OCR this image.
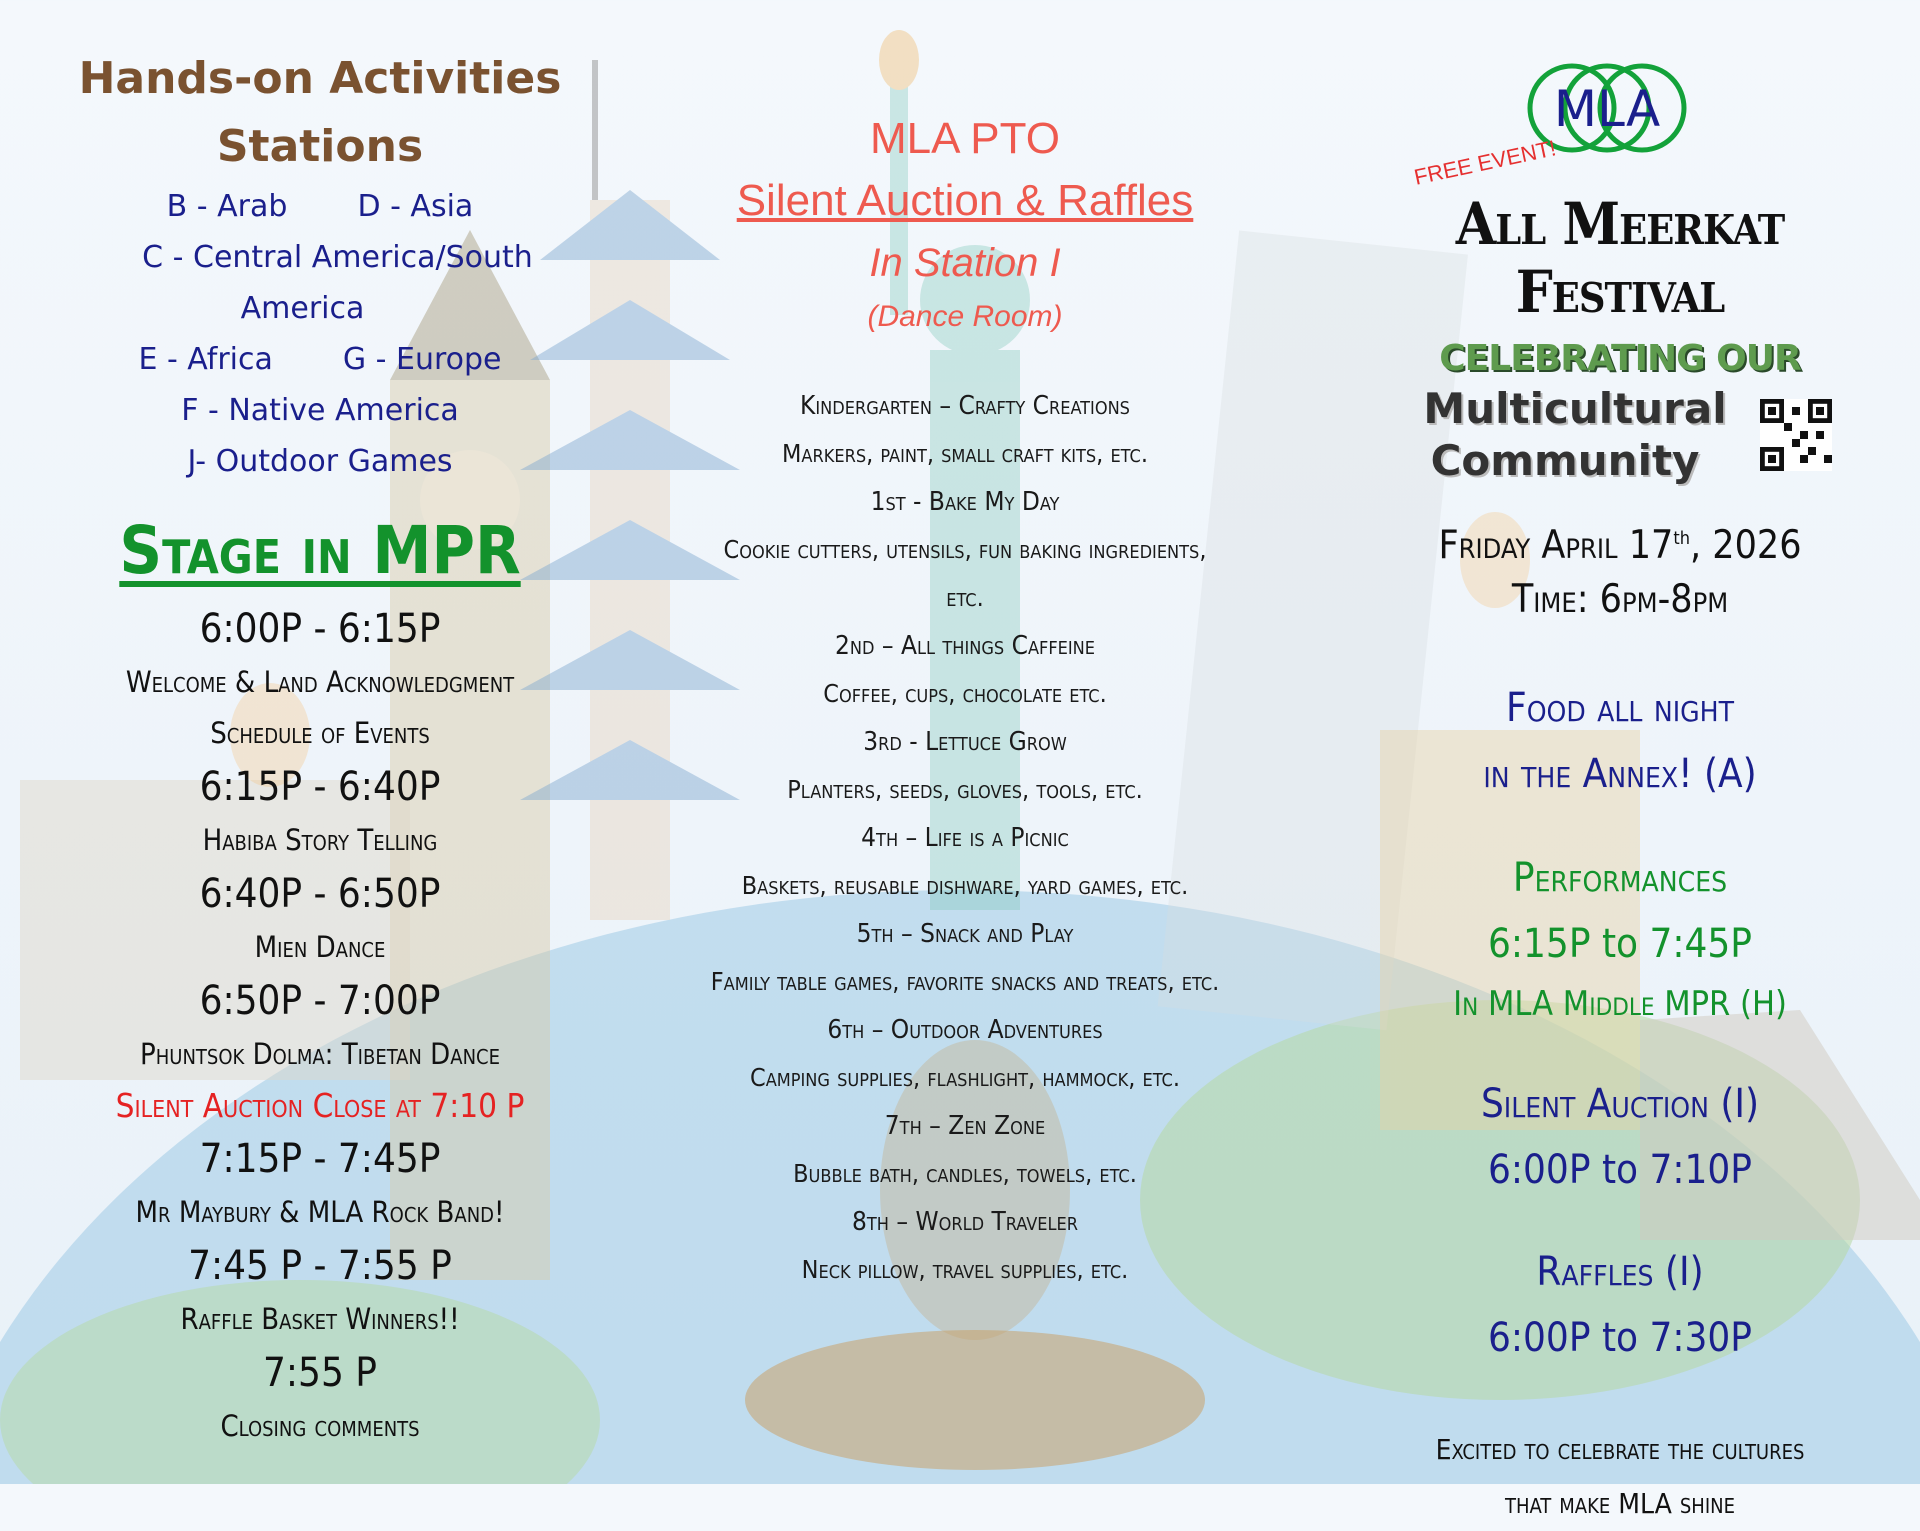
Hands-on Activities
Stations
B - Arab D - Asia
C - Central America/South America
E - Africa G - Europe
F - Native America
J- Outdoor Games
Stage in MPR
6:00P - 6:15P
Welcome & Land Acknowledgment
Schedule of Events
6:15P - 6:40P
Habiba Story Telling
6:40P - 6:50P
Mien Dance
6:50P - 7:00P
Phuntsok Dolma: Tibetan Dance
Silent Auction Close at 7:10 P
7:15P - 7:45P
Mr Maybury & MLA Rock Band!
7:45 P - 7:55 P
Raffle Basket Winners!!
7:55 P
Closing comments
MLA PTO
Silent Auction & Raffles
In Station I
(Dance Room)
Kindergarten – Crafty Creations
Markers, paint, small craft kits, etc.
1st - Bake My Day
Cookie cutters, utensils, fun baking ingredients,
etc.
2nd – All things Caffeine
Coffee, cups, chocolate etc.
3rd - Lettuce Grow
Planters, seeds, gloves, tools, etc.
4th – Life is a Picnic
Baskets, reusable dishware, yard games, etc.
5th – Snack and Play
Family table games, favorite snacks and treats, etc.
6th – Outdoor Adventures
Camping supplies, flashlight, hammock, etc.
7th – Zen Zone
Bubble bath, candles, towels, etc.
8th – World Traveler
Neck pillow, travel supplies, etc.
FREE EVENT!
MLA
All Meerkat Festival
CELEBRATING OUR
Multicultural
Community
Friday April 17th, 2026
Time: 6pm-8pm
Food all night
in the Annex! (A)
Performances
6:15P to 7:45P
In MLA Middle MPR (H)
Silent Auction (I)
6:00P to 7:10P
Raffles (I)
6:00P to 7:30P
Excited to celebrate the cultures
that make MLA shine
